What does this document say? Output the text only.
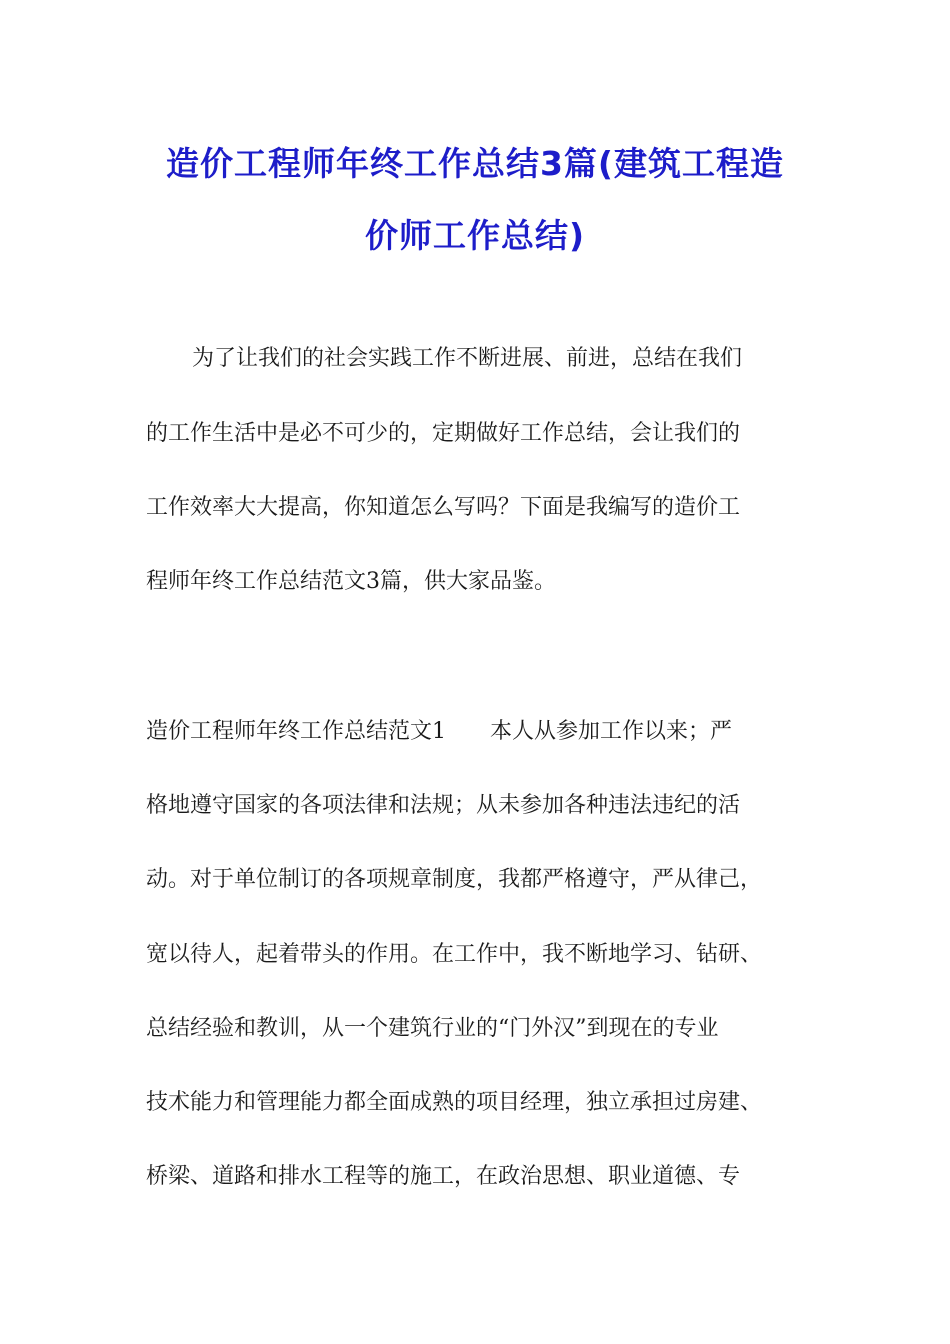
造价工程师年终工作总结3篇(建筑工程造
价师工作总结)
为了让我们的社会实践工作不断进展、前进，总结在我们
的工作生活中是必不可少的，定期做好工作总结，会让我们的
工作效率大大提高，你知道怎么写吗？下面是我编写的造价工
程师年终工作总结范文3篇，供大家品鉴。
造价工程师年终工作总结范文1　　本人从参加工作以来；严
格地遵守国家的各项法律和法规；从未参加各种违法违纪的活
动。对于单位制订的各项规章制度，我都严格遵守，严从律己，
宽以待人，起着带头的作用。在工作中，我不断地学习、钻研、
总结经验和教训，从一个建筑行业的“门外汉”到现在的专业
技术能力和管理能力都全面成熟的项目经理，独立承担过房建、
桥梁、道路和排水工程等的施工，在政治思想、职业道德、专
